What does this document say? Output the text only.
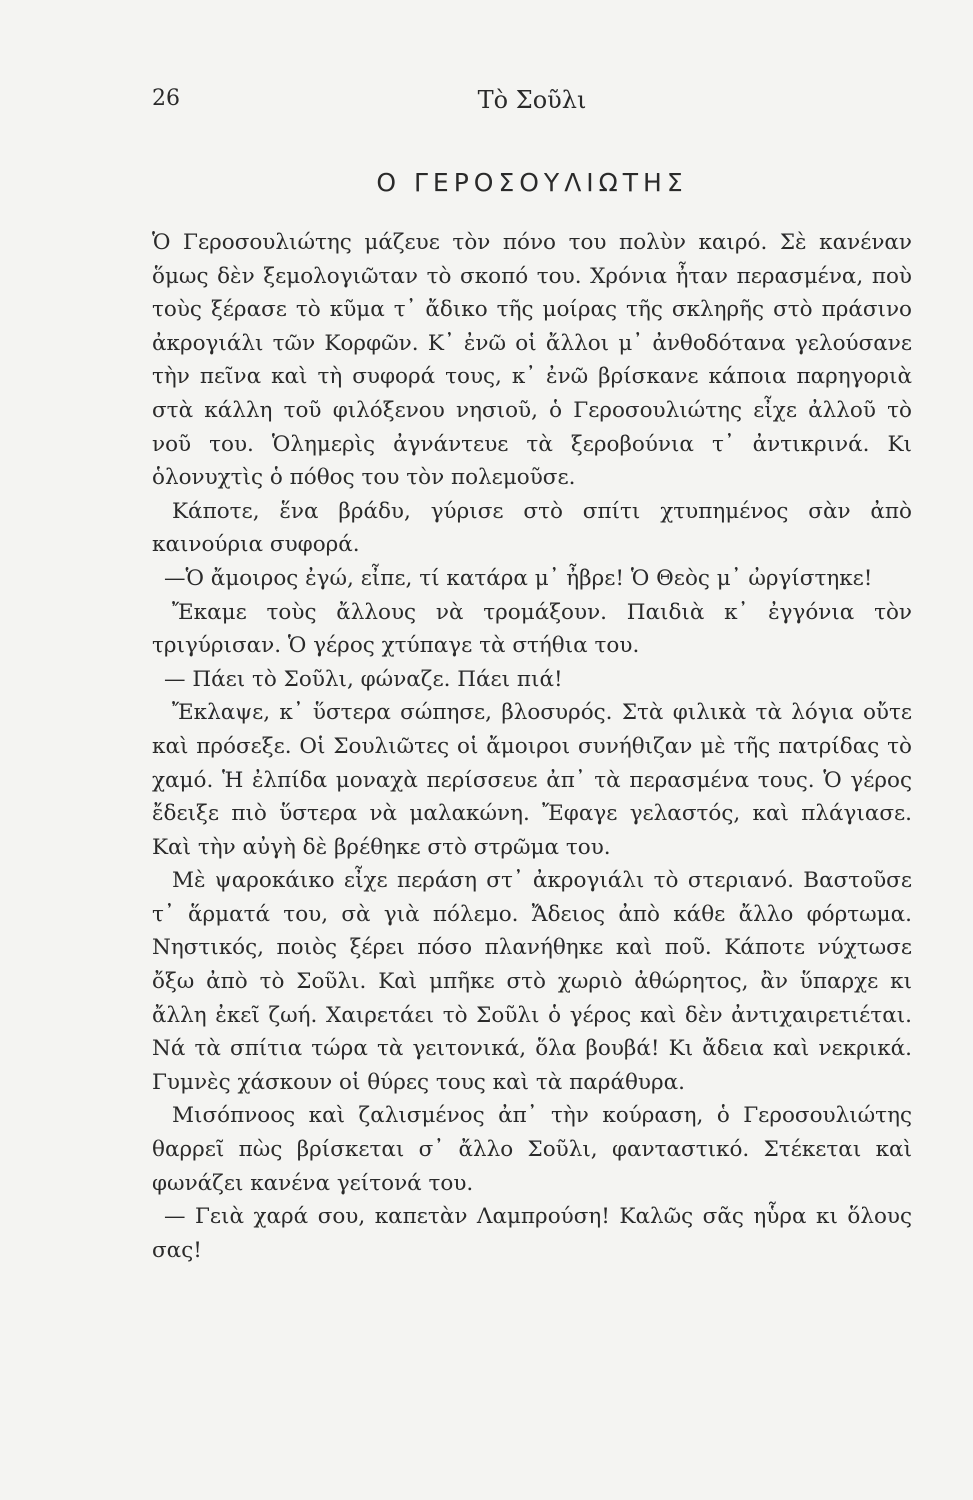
26	Τὸ Σοῦλι
Ο ΓΕΡΟΣΟΥΛΙΩΤΗΣ

Ὁ Γεροσουλιώτης μάζευε τὸν πόνο του πολὺν καιρό. Σὲ κανέναν ὅμως δὲν ξεμολογιῶταν τὸ σκοπό του. Χρόνια ἦταν περασμένα, ποὺ τοὺς ξέρασε τὸ κῦμα τ᾽ ἄδικο τῆς μοίρας τῆς σκληρῆς στὸ πράσινο ἀκρογιάλι τῶν Κορφῶν. Κ᾽ ἐνῶ οἱ ἄλλοι μ᾽ ἀνθοδότανα γελούσανε τὴν πεῖνα καὶ τὴ συφορά τους, κ᾽ ἐνῶ βρίσκανε κάποια παρηγοριὰ στὰ κάλλη τοῦ φιλόξενου νησιοῦ, ὁ Γεροσουλιώτης εἶχε ἀλλοῦ τὸ νοῦ του. Ὁλημερὶς ἀγνάντευε τὰ ξεροβούνια τ᾽ ἀντικρινά. Κι ὁλονυχτὶς ὁ πόθος του τὸν πολεμοῦσε.

Κάποτε, ἕνα βράδυ, γύρισε στὸ σπίτι χτυπημένος σὰν ἀπὸ καινούρια συφορά.

—Ὁ ἄμοιρος ἐγώ, εἶπε, τί κατάρα μ᾽ ἦβρε! Ὁ Θεὸς μ᾽ ὠργίστηκε!

Ἔκαμε τοὺς ἄλλους νὰ τρομάξουν. Παιδιὰ κ᾽ ἐγγόνια τὸν τριγύρισαν. Ὁ γέρος χτύπαγε τὰ στήθια του.

— Πάει τὸ Σοῦλι, φώναζε. Πάει πιά!

Ἔκλαψε, κ᾽ ὕστερα σώπησε, βλοσυρός. Στὰ φιλικὰ τὰ λόγια οὔτε καὶ πρόσεξε. Οἱ Σουλιῶτες οἱ ἄμοιροι συνήθιζαν μὲ τῆς πατρίδας τὸ χαμό. Ἡ ἐλπίδα μοναχὰ περίσσευε ἀπ᾽ τὰ περασμένα τους. Ὁ γέρος ἔδειξε πιὸ ὕστερα νὰ μαλακώνη. Ἔφαγε γελαστός, καὶ πλάγιασε. Καὶ τὴν αὐγὴ δὲ βρέθηκε στὸ στρῶμα του.

Μὲ ψαροκάικο εἶχε περάση στ᾽ ἀκρογιάλι τὸ στεριανό. Βαστοῦσε τ᾽ ἅρματά του, σὰ γιὰ πόλεμο. Ἄδειος ἀπὸ κάθε ἄλλο φόρτωμα. Νηστικός, ποιὸς ξέρει πόσο πλανήθηκε καὶ ποῦ. Κάποτε νύχτωσε ὄξω ἀπὸ τὸ Σοῦλι. Καὶ μπῆκε στὸ χωριὸ ἀθώρητος, ἂν ὕπαρχε κι ἄλλη ἐκεῖ ζωή. Χαιρετάει τὸ Σοῦλι ὁ γέρος καὶ δὲν ἀντιχαιρετιέται. Νά τὰ σπίτια τώρα τὰ γειτονικά, ὅλα βουβά! Κι ἄδεια καὶ νεκρικά. Γυμνὲς χάσκουν οἱ θύρες τους καὶ τὰ παράθυρα.

Μισόπνοος καὶ ζαλισμένος ἀπ᾽ τὴν κούραση, ὁ Γεροσουλιώτης θαρρεῖ πὼς βρίσκεται σ᾽ ἄλλο Σοῦλι, φανταστικό. Στέκεται καὶ φωνάζει κανένα γείτονά του.

— Γειὰ χαρά σου, καπετὰν Λαμπρούση! Καλῶς σᾶς ηὗρα κι ὅλους σας!
